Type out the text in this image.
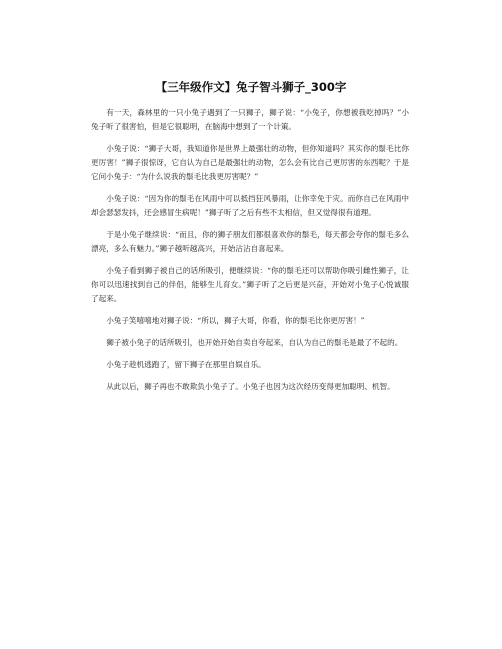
【三年级作文】兔子智斗狮子_300字

有一天，森林里的一只小兔子遇到了一只狮子，狮子说：“小兔子，你想被我吃掉吗？”小兔子听了很害怕，但是它很聪明，在脑海中想到了一个计策。

小兔子说：“狮子大哥，我知道你是世界上最强壮的动物，但你知道吗？其实你的鬃毛比你更厉害！”狮子很惊讶，它自认为自己是最强壮的动物，怎么会有比自己更厉害的东西呢？于是它问小兔子：“为什么说我的鬃毛比我更厉害呢？”

小兔子说：“因为你的鬃毛在风雨中可以抵挡狂风暴雨，让你幸免于灾。而你自己在风雨中却会瑟瑟发抖，还会感冒生病呢！”狮子听了之后有些不太相信，但又觉得很有道理。

于是小兔子继续说：“而且，你的狮子朋友们都很喜欢你的鬃毛，每天都会夸你的鬃毛多么漂亮，多么有魅力。”狮子越听越高兴，开始沾沾自喜起来。

小兔子看到狮子被自己的话所吸引，便继续说：“你的鬃毛还可以帮助你吸引雌性狮子，让你可以迅速找到自己的伴侣，能够生儿育女。”狮子听了之后更是兴奋，开始对小兔子心悦诚服了起来。

小兔子笑嘻嘻地对狮子说：“所以，狮子大哥，你看，你的鬃毛比你更厉害！”

狮子被小兔子的话所吸引，也开始开始自卖自夸起来，自认为自己的鬃毛是最了不起的。

小兔子趁机逃跑了，留下狮子在那里自娱自乐。

从此以后，狮子再也不敢欺负小兔子了。小兔子也因为这次经历变得更加聪明、机智。
